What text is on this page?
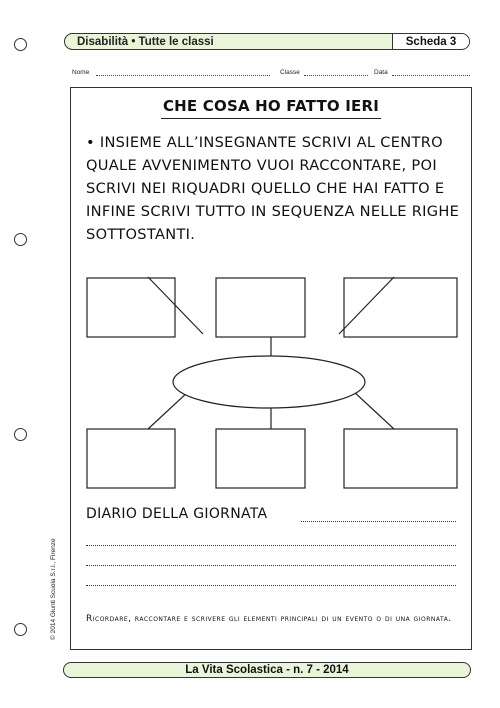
Disabilità • Tutte le classi	Scheda 3
Nome	Classe	Data
CHE COSA HO FATTO IERI
• INSIEME ALL’INSEGNANTE SCRIVI AL CENTRO QUALE AVVENIMENTO VUOI RACCONTARE, POI SCRIVI NEI RIQUADRI QUELLO CHE HAI FATTO E INFINE SCRIVI TUTTO IN SEQUENZA NELLE RIGHE SOTTOSTANTI.
DIARIO DELLA GIORNATA
Ricordare, raccontare e scrivere gli elementi principali di un evento o di una giornata.
© 2014 Giunti Scuola S.r.l., Firenze
La Vita Scolastica - n. 7 - 2014
